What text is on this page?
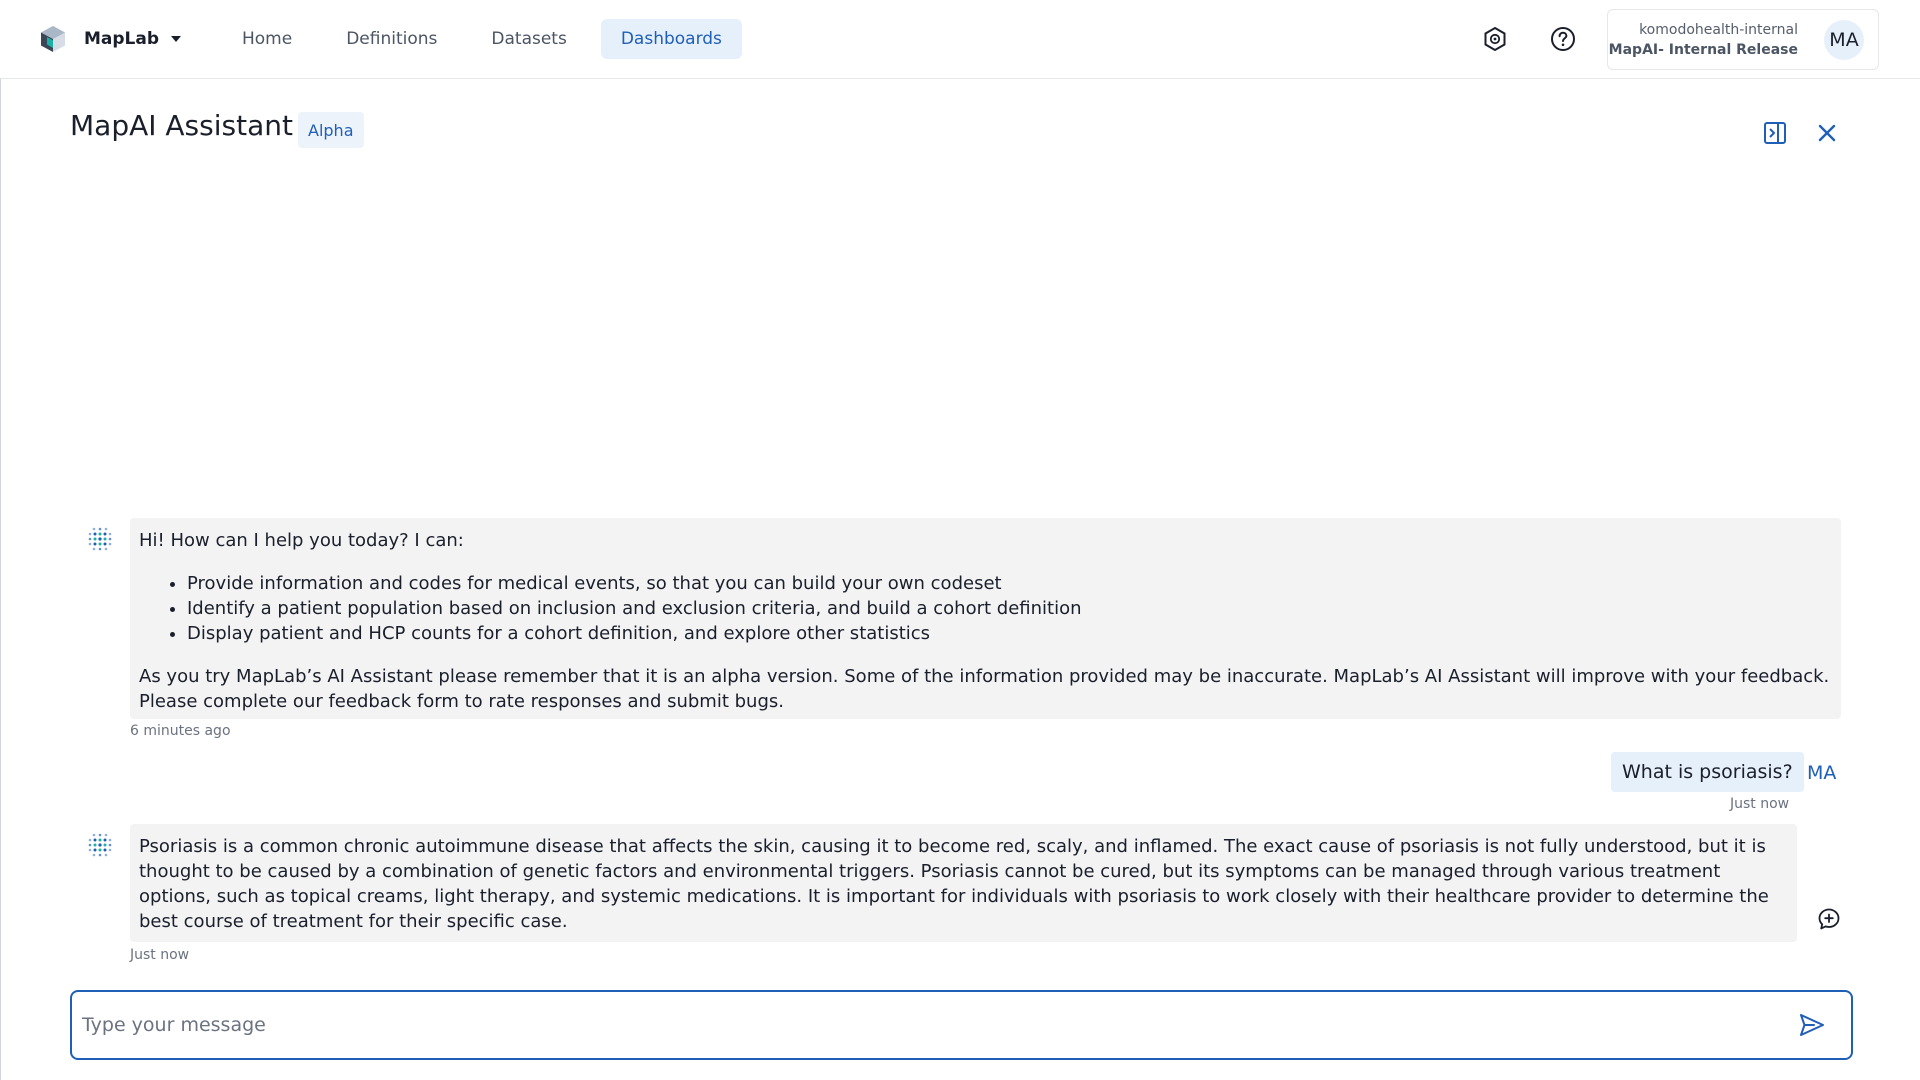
MapLab	Home	Definitions	Datasets	Dashboards	komodohealth-internal
MapAI- Internal Release MA
MapAI Assistant Alpha
Hi! How can I help you today? I can:
• Provide information and codes for medical events, so that you can build your own codeset
• Identify a patient population based on inclusion and exclusion criteria, and build a cohort definition
• Display patient and HCP counts for a cohort definition, and explore other statistics
As you try MapLab’s AI Assistant please remember that it is an alpha version. Some of the information provided may be inaccurate. MapLab’s AI Assistant will improve with your feedback. Please complete our feedback form to rate responses and submit bugs.
6 minutes ago
What is psoriasis? MA
Just now
Psoriasis is a common chronic autoimmune disease that affects the skin, causing it to become red, scaly, and inflamed. The exact cause of psoriasis is not fully understood, but it is thought to be caused by a combination of genetic factors and environmental triggers. Psoriasis cannot be cured, but its symptoms can be managed through various treatment options, such as topical creams, light therapy, and systemic medications. It is important for individuals with psoriasis to work closely with their healthcare provider to determine the best course of treatment for their specific case.
Just now
Type your message
